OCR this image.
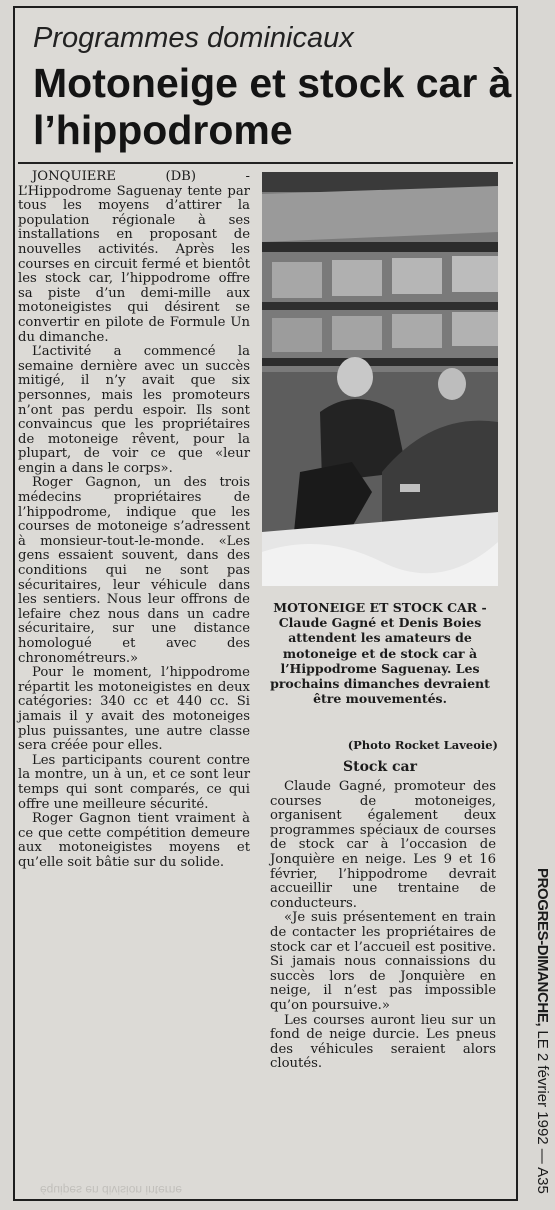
Programmes dominicaux
Motoneige et stock car à l’hippodrome

JONQUIERE (DB) - L’Hippodrome Saguenay tente par tous les moyens d’attirer la population régionale à ses installations en proposant de nouvelles activités. Après les courses en circuit fermé et bientôt les stock car, l’hippodrome offre sa piste d’un demi-mille aux motoneigistes qui désirent se convertir en pilote de Formule Un du dimanche.

L’activité a commencé la semaine dernière avec un succès mitigé, il n’y avait que six personnes, mais les promoteurs n’ont pas perdu espoir. Ils sont convaincus que les propriétaires de motoneige rêvent, pour la plupart, de voir ce que «leur engin a dans le corps».

Roger Gagnon, un des trois médecins propriétaires de l’hippodrome, indique que les courses de motoneige s’adressent à monsieur-tout-le-monde. «Les gens essaient souvent, dans des conditions qui ne sont pas sécuritaires, leur véhicule dans les sentiers. Nous leur offrons de lefaire chez nous dans un cadre sécuritaire, sur une distance homologué et avec des chronométreurs.»

Pour le moment, l’hippodrome répartit les motoneigistes en deux catégories: 340 cc et 440 cc. Si jamais il y avait des motoneiges plus puissantes, une autre classe sera créée pour elles.

Les participants courent contre la montre, un à un, et ce sont leur temps qui sont comparés, ce qui offre une meilleure sécurité.

Roger Gagnon tient vraiment à ce que cette compétition demeure aux motoneigistes moyens et qu’elle soit bâtie sur du solide.

MOTONEIGE ET STOCK CAR - Claude Gagné et Denis Boies attendent les amateurs de motoneige et de stock car à l’Hippodrome Saguenay. Les prochains dimanches devraient être mouvementés.
(Photo Rocket Laveoie)
Stock car

Claude Gagné, promoteur des courses de motoneiges, organisent également deux programmes spéciaux de courses de stock car à l’occasion de Jonquière en neige. Les 9 et 16 février, l’hippodrome devrait accueillir une trentaine de conducteurs.

«Je suis présentement en train de contacter les propriétaires de stock car et l’accueil est positive. Si jamais nous connaissions du succès lors de Jonquière en neige, il n’est pas impossible qu’on poursuive.»

Les courses auront lieu sur un fond de neige durcie. Les pneus des véhicules seraient alors cloutés.

PROGRES-DIMANCHE, LE 2 février 1992 — A35
équipes en division interne
